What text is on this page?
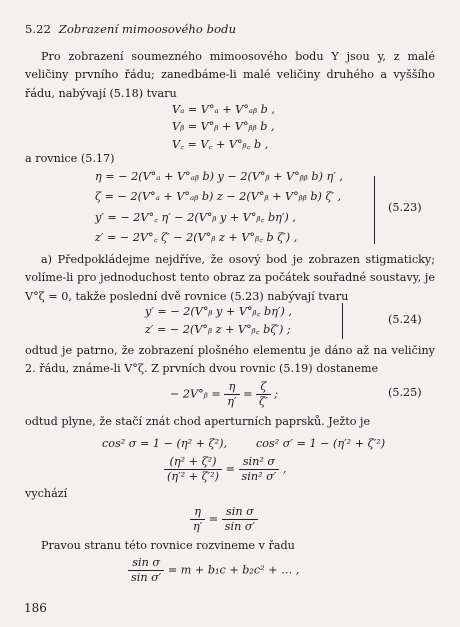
5.22 Zobrazení mimoosového bodu
Pro zobrazení soumezného mimoosového bodu Y jsou y, z malé veličiny prvního řádu; zanedbáme-li malé veličiny druhého a vyššího řádu, nabývají (5.18) tvaru
Vₐ = V°ₐ + V°ₐᵦ b ,
Vᵦ = V°ᵦ + V°ᵦᵦ b ,
V꜀ = V꜀ + V°ᵦ꜀ b ,
a rovnice (5.17)
η = − 2(V°ₐ + V°ₐᵦ b) y − 2(V°ᵦ + V°ᵦᵦ b) η′ ,
ζ = − 2(V°ₐ + V°ₐᵦ b) z − 2(V°ᵦ + V°ᵦᵦ b) ζ′ ,
y′ = − 2V°꜀ η′ − 2(V°ᵦ y + V°ᵦ꜀ bη′) ,
z′ = − 2V°꜀ ζ′ − 2(V°ᵦ z + V°ᵦ꜀ b ζ′) ,
(5.23)
a) Předpokládejme nejdříve, že osový bod je zobrazen stigmaticky; volíme-li pro jednoduchost tento obraz za počátek souřadné soustavy, je V°ζ = 0, takže poslední dvě rovnice (5.23) nabývají tvaru
y′ = − 2(V°ᵦ y + V°ᵦ꜀ bη′) ,
z′ = − 2(V°ᵦ z + V°ᵦ꜀ bζ′) ;
(5.24)
odtud je patrno, že zobrazení plošného elementu je dáno až na veličiny 2. řádu, známe-li V°ζ. Z prvních dvou rovnic (5.19) dostaneme
− 2V°ᵦ = $\frac{\eta}{\eta'} = \frac{\zeta}{\zeta'}$ ;	(5.25)
odtud plyne, že stačí znát chod aperturních paprsků. Ježto je
cos² σ = 1 − (η² + ζ²),	cos² σ′ = 1 − (η′² + ζ′²)
$\frac{\text{(η² + ζ²)}}{\text{(η′² + ζ′²)}} = \frac{\text{sin² σ}}{\text{sin² σ′}}$ ,
vychází
$\frac{\eta}{\eta'} = \frac{\text{sin σ}}{\text{sin σ′}}$
Pravou stranu této rovnice rozvineme v řadu
$\frac{\text{sin σ}}{\text{sin σ′}} = m + b_1c + b_2c^2$ + … ,
186
